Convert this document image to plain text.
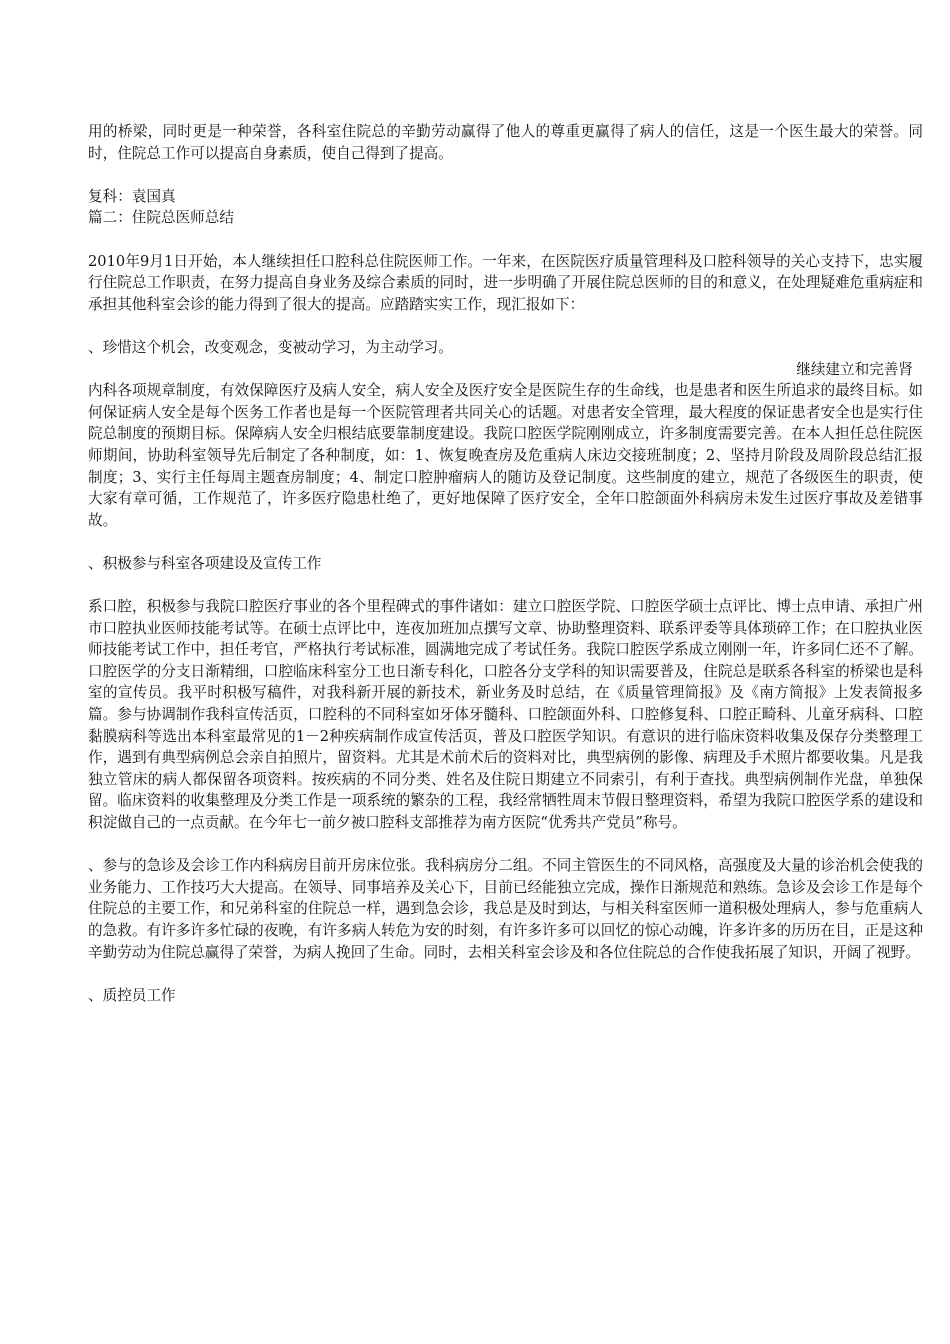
用的桥梁，同时更是一种荣誉，各科室住院总的辛勤劳动赢得了他人的尊重更赢得了病人的信任，这是一个医生最大的荣誉。同时，住院总工作可以提高自身素质，使自己得到了提高。

复科：袁国真

篇二：住院总医师总结

2010年9月1日开始，本人继续担任口腔科总住院医师工作。一年来，在医院医疗质量管理科及口腔科领导的关心支持下，忠实履行住院总工作职责，在努力提高自身业务及综合素质的同时，进一步明确了开展住院总医师的目的和意义，在处理疑难危重病症和承担其他科室会诊的能力得到了很大的提高。应踏踏实实工作，现汇报如下：

、珍惜这个机会，改变观念，变被动学习，为主动学习。

继续建立和完善肾

内科各项规章制度，有效保障医疗及病人安全，病人安全及医疗安全是医院生存的生命线，也是患者和医生所追求的最终目标。如何保证病人安全是每个医务工作者也是每一个医院管理者共同关心的话题。对患者安全管理，最大程度的保证患者安全也是实行住院总制度的预期目标。保障病人安全归根结底要靠制度建设。我院口腔医学院刚刚成立，许多制度需要完善。在本人担任总住院医师期间，协助科室领导先后制定了各种制度，如：1、恢复晚查房及危重病人床边交接班制度；2、坚持月阶段及周阶段总结汇报制度；3、实行主任每周主题查房制度；4、制定口腔肿瘤病人的随访及登记制度。这些制度的建立，规范了各级医生的职责，使大家有章可循，工作规范了，许多医疗隐患杜绝了，更好地保障了医疗安全，全年口腔颌面外科病房未发生过医疗事故及差错事故。

、积极参与科室各项建设及宣传工作

系口腔，积极参与我院口腔医疗事业的各个里程碑式的事件诸如：建立口腔医学院、口腔医学硕士点评比、博士点申请、承担广州市口腔执业医师技能考试等。在硕士点评比中，连夜加班加点撰写文章、协助整理资料、联系评委等具体琐碎工作；在口腔执业医师技能考试工作中，担任考官，严格执行考试标准，圆满地完成了考试任务。我院口腔医学系成立刚刚一年，许多同仁还不了解。口腔医学的分支日渐精细，口腔临床科室分工也日渐专科化，口腔各分支学科的知识需要普及，住院总是联系各科室的桥梁也是科室的宣传员。我平时积极写稿件，对我科新开展的新技术，新业务及时总结，在《质量管理简报》及《南方简报》上发表简报多篇。参与协调制作我科宣传活页，口腔科的不同科室如牙体牙髓科、口腔颌面外科、口腔修复科、口腔正畸科、儿童牙病科、口腔黏膜病科等选出本科室最常见的1－2种疾病制作成宣传活页，普及口腔医学知识。有意识的进行临床资料收集及保存分类整理工作，遇到有典型病例总会亲自拍照片，留资料。尤其是术前术后的资料对比，典型病例的影像、病理及手术照片都要收集。凡是我独立管床的病人都保留各项资料。按疾病的不同分类、姓名及住院日期建立不同索引，有利于查找。典型病例制作光盘，单独保留。临床资料的收集整理及分类工作是一项系统的繁杂的工程，我经常牺牲周末节假日整理资料，希望为我院口腔医学系的建设和积淀做自己的一点贡献。在今年七一前夕被口腔科支部推荐为南方医院“优秀共产党员”称号。

、参与的急诊及会诊工作内科病房目前开房床位张。我科病房分二组。不同主管医生的不同风格，高强度及大量的诊治机会使我的业务能力、工作技巧大大提高。在领导、同事培养及关心下，目前已经能独立完成，操作日渐规范和熟练。急诊及会诊工作是每个住院总的主要工作，和兄弟科室的住院总一样，遇到急会诊，我总是及时到达，与相关科室医师一道积极处理病人，参与危重病人的急救。有许多许多忙碌的夜晚，有许多病人转危为安的时刻，有许多许多可以回忆的惊心动魄，许多许多的历历在目，正是这种辛勤劳动为住院总赢得了荣誉，为病人挽回了生命。同时，去相关科室会诊及和各位住院总的合作使我拓展了知识，开阔了视野。

、质控员工作
